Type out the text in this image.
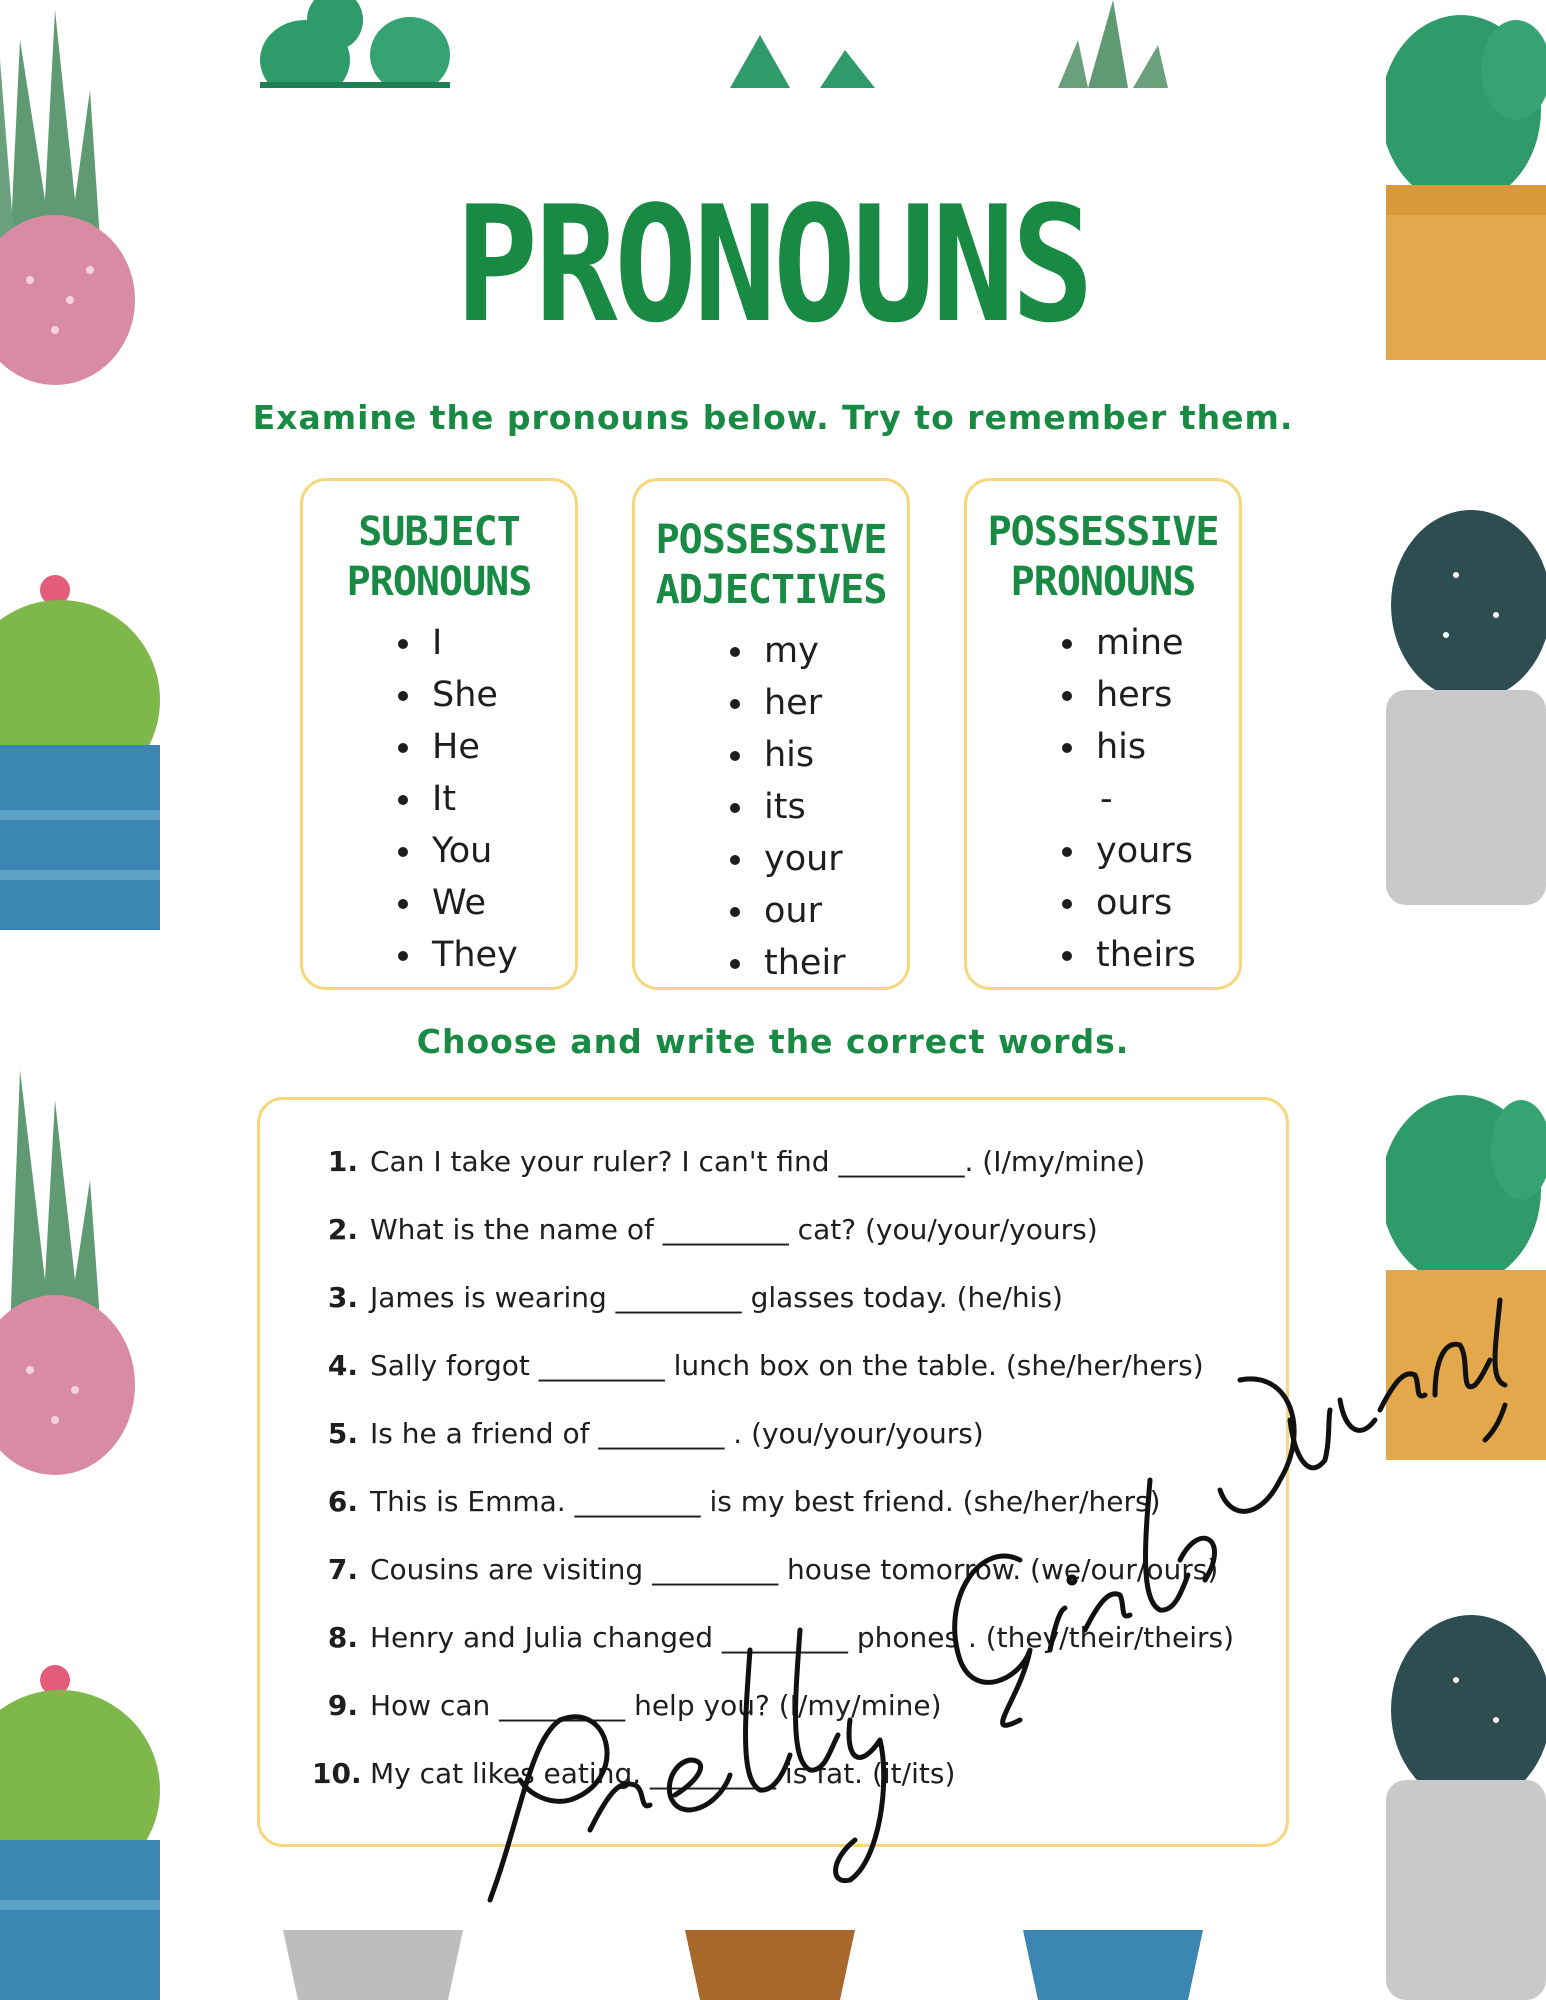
PRONOUNS
Examine the pronouns below. Try to remember them.
SUBJECT
PRONOUNS
I
She
He
It
You
We
They
POSSESSIVE
ADJECTIVES
my
her
his
its
your
our
their
POSSESSIVE
PRONOUNS
mine
hers
his
-
yours
ours
theirs
Choose and write the correct words.
1. Can I take your ruler? I can't find _________. (I/my/mine)
2. What is the name of _________ cat? (you/your/yours)
3. James is wearing _________ glasses today. (he/his)
4. Sally forgot _________ lunch box on the table. (she/her/hers)
5. Is he a friend of _________ . (you/your/yours)
6. This is Emma. _________ is my best friend. (she/her/hers)
7. Cousins are visiting _________ house tomorrow. (we/our/ours)
8. Henry and Julia changed _________ phones . (they/their/theirs)
9. How can _________ help you? (I/my/mine)
10. My cat likes eating. _________ is fat. (it/its)
